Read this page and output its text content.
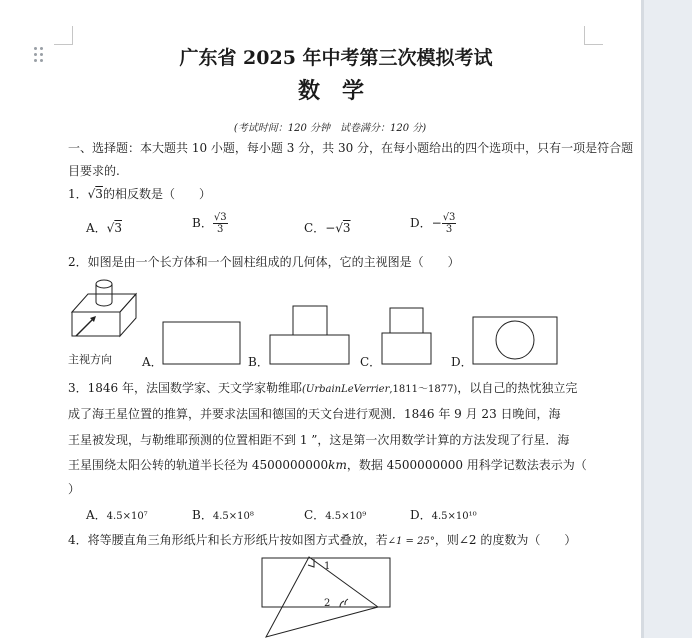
广东省 2025 年中考第三次模拟考试
数学
(考试时间：120 分钟　试卷满分：120 分)
一、选择题：本大题共 10 小题，每小题 3 分，共 30 分，在每小题给出的四个选项中，只有一项是符合题
目要求的.
1．√3的相反数是（　　）
A．√3	B． $\frac{√3}{3}$	C．−√3	D．− $\frac{√3}{3}$
2．如图是由一个长方体和一个圆柱组成的几何体，它的主视图是（　　）
主视方向	A．	B．	C．	D．
3．1846 年，法国数学家、天文学家勒维耶(UrbainLeVerrier,1811～1877)，以自己的热忱独立完
成了海王星位置的推算，并要求法国和德国的天文台进行观测．1846 年 9 月 23 日晚间，海
王星被发现，与勒维耶预测的位置相距不到 1 ”，这是第一次用数学计算的方法发现了行星．海
王星围绕太阳公转的轨道半长径为 4500000000km，数据 4500000000 用科学记数法表示为（
）
A．4.5×10⁷	B．4.5×10⁸	C．4.5×10⁹	D．4.5×10¹⁰
4．将等腰直角三角形纸片和长方形纸片按如图方式叠放，若∠1 = 25°，则∠2 的度数为（　　）
1
2
